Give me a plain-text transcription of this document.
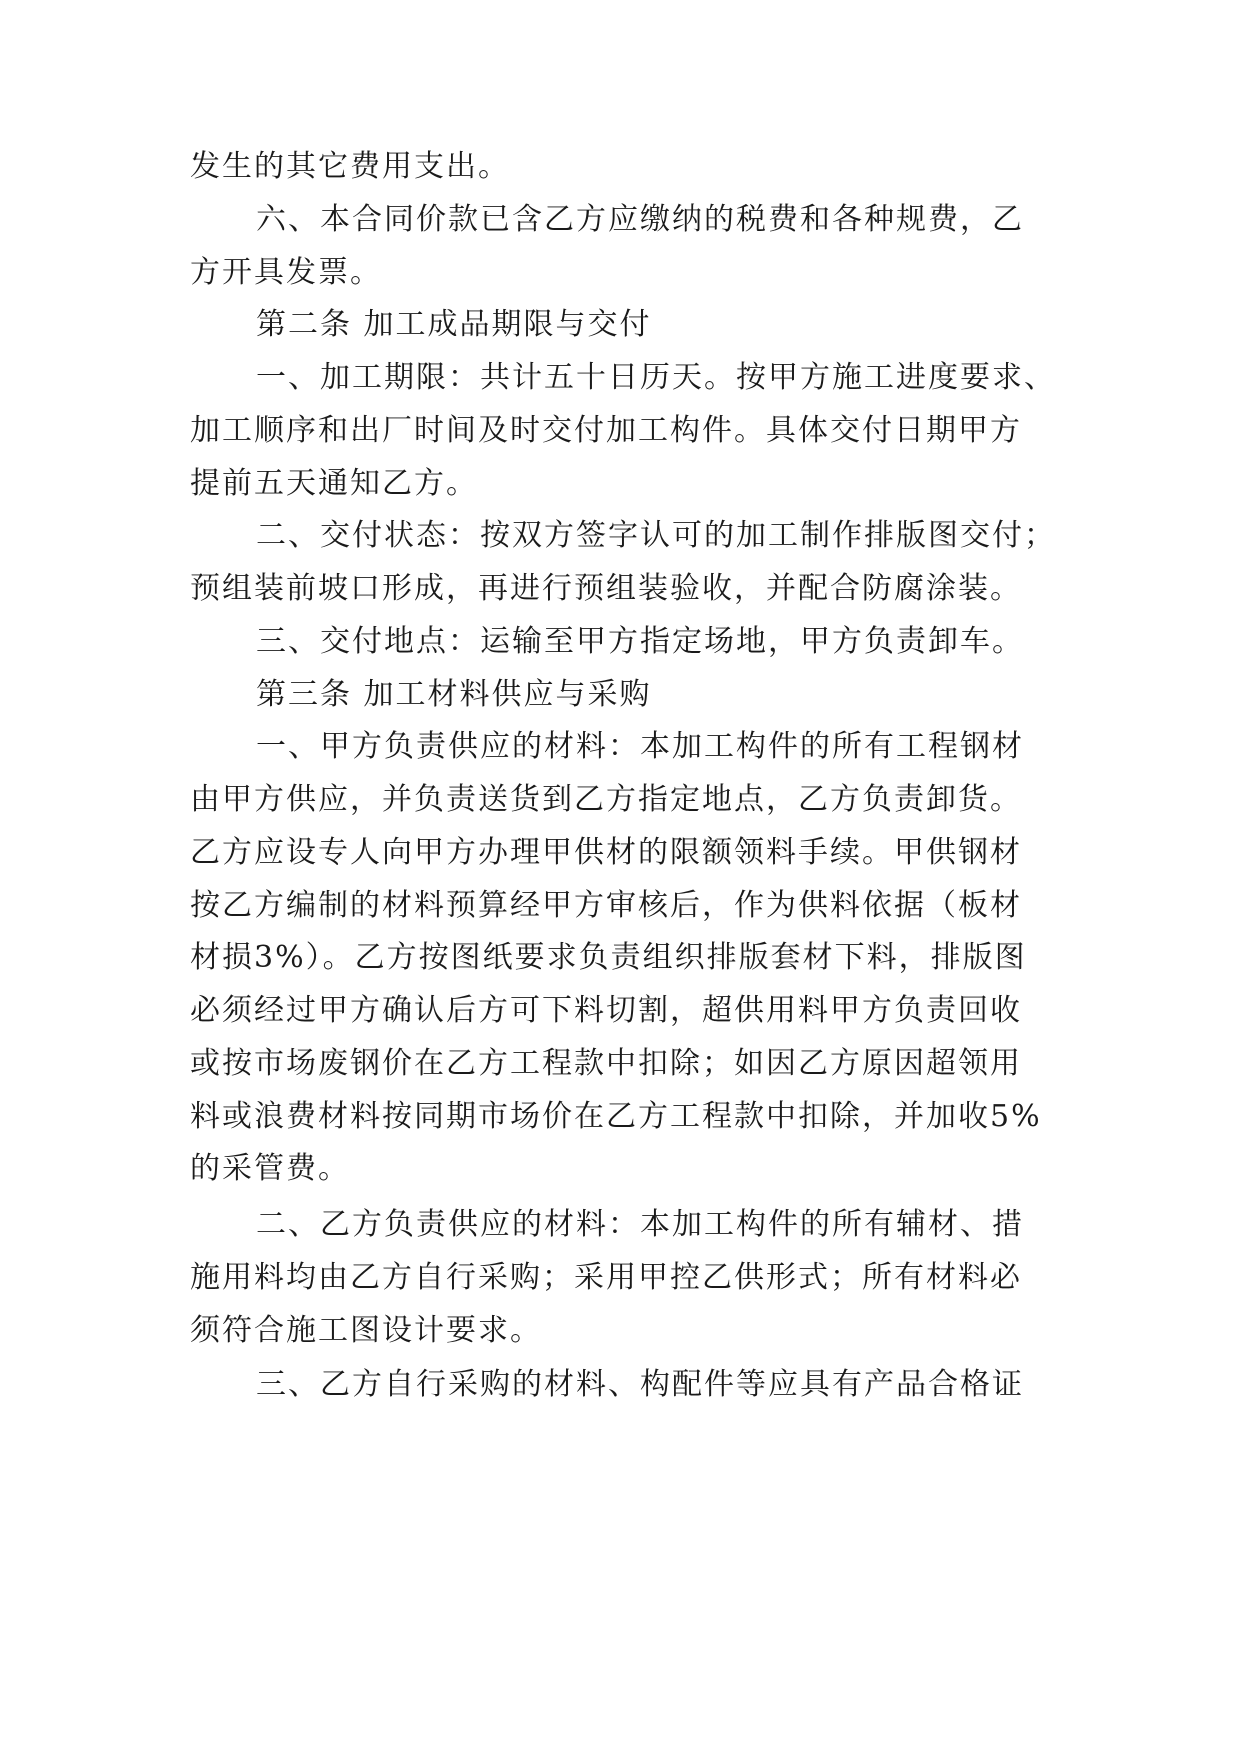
发生的其它费用支出。
六、本合同价款已含乙方应缴纳的税费和各种规费，乙
方开具发票。
第二条 加工成品期限与交付
一、加工期限：共计五十日历天。按甲方施工进度要求、
加工顺序和出厂时间及时交付加工构件。具体交付日期甲方
提前五天通知乙方。
二、交付状态：按双方签字认可的加工制作排版图交付；
预组装前坡口形成，再进行预组装验收，并配合防腐涂装。
三、交付地点：运输至甲方指定场地，甲方负责卸车。
第三条 加工材料供应与采购
一、甲方负责供应的材料：本加工构件的所有工程钢材
由甲方供应，并负责送货到乙方指定地点，乙方负责卸货。
乙方应设专人向甲方办理甲供材的限额领料手续。甲供钢材
按乙方编制的材料预算经甲方审核后，作为供料依据（板材
材损3%）。乙方按图纸要求负责组织排版套材下料，排版图
必须经过甲方确认后方可下料切割，超供用料甲方负责回收
或按市场废钢价在乙方工程款中扣除；如因乙方原因超领用
料或浪费材料按同期市场价在乙方工程款中扣除，并加收5%
的采管费。
二、乙方负责供应的材料：本加工构件的所有辅材、措
施用料均由乙方自行采购；采用甲控乙供形式；所有材料必
须符合施工图设计要求。
三、乙方自行采购的材料、构配件等应具有产品合格证
